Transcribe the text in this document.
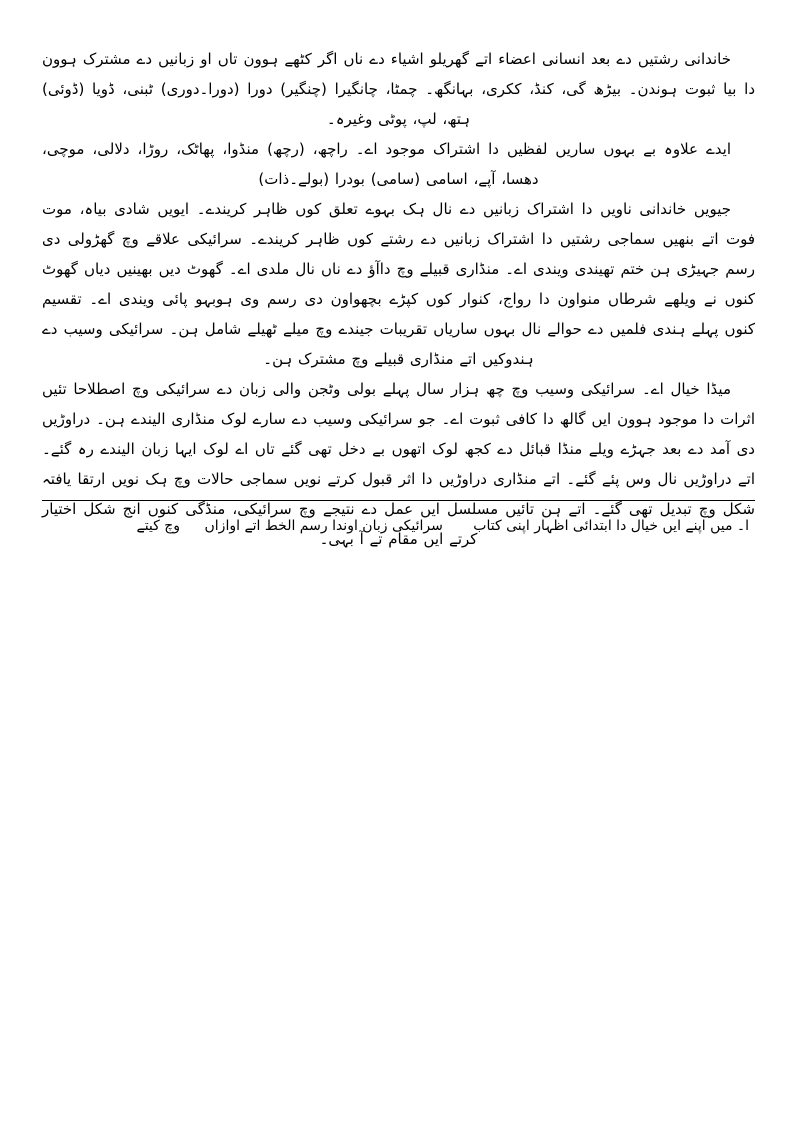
خاندانی رشتیں دے بعد انسانی اعضاء اتے گھریلو اشیاء دے ناں اگر کٹھے ہوون تاں او زبانیں دے مشترک ہوون دا بیا ثبوت ہوندن۔ بیڑھ گی، کنڈ، ککری، بہانگھ۔ چمٹا، چانگیرا (چنگیر) دورا (دورا۔دوری) ٹبنی، ڈویا (ڈوئی) ہتھ، لپ، پوٹی وغیرہ۔

ایدے علاوہ بے بہوں ساریں لفظیں دا اشتراک موجود اے۔ راچھ، (رچھ) منڈوا، پھاٹک، روڑا، دلالی، موچی، دھسا، آپے، اسامی (سامی) بودرا (بولے۔ذات)

جیویں خاندانی ناویں دا اشتراک زبانیں دے نال ہک بہوے تعلق کوں ظاہر کریندے۔ ایویں شادی بیاہ، موت فوت اتے بنھیں سماجی رشتیں دا اشتراک زبانیں دے رشتے کوں ظاہر کریندے۔ سرائیکی علاقے وچ گھڑولی دی رسم جہیڑی ہن ختم تھیندی ویندی اے۔ منڈاری قبیلے وچ داآؤ دے ناں نال ملدی اے۔ گھوٹ دیں بھینیں دیاں گھوٹ کنوں نے ویلھے شرطاں منواون دا رواج، کنوار کوں کپڑے بچھواون دی رسم وی ہوبہو پائی ویندی اے۔ تقسیم کنوں پہلے ہندی فلمیں دے حوالے نال بہوں ساریاں تقریبات جیندے وچ میلے ٹھیلے شامل ہن۔ سرائیکی وسیب دے ہندوکیں اتے منڈاری قبیلے وچ مشترک ہن۔

میڈا خیال اے۔ سرائیکی وسیب وچ چھ ہزار سال پہلے بولی وٹجن والی زبان دے سرائیکی وچ اصطلاحا تئیں اثرات دا موجود ہوون ایں گالھ دا کافی ثبوت اے۔ جو سرائیکی وسیب دے سارے لوک منڈاری الیندے ہن۔ دراوڑیں دی آمد دے بعد جہڑے ویلے منڈا قبائل دے کجھ لوک اتھوں بے دخل تھی گئے تاں اے لوک ایہا زبان الیندے رہ گئے۔ اتے دراوڑیں نال وس پئے گئے۔ اتے منڈاری دراوڑیں دا اثر قبول کرتے نویں سماجی حالات وچ ہک نویں ارتقا یافتہ شکل وچ تبدیل تھی گئے۔ اتے ہن تائیں مسلسل ایں عمل دے نتیجے وچ سرائیکی، منڈگی کنوں انج شکل اختیار کرتے ایں مقام تے آ بہی۔

ا۔ میں اپنے ایں خیال دا ابتدائی اظہار اپنی کتاب سرائیکی زبان اوندا رسم الخط اتے اوازاں وچ کیتے
